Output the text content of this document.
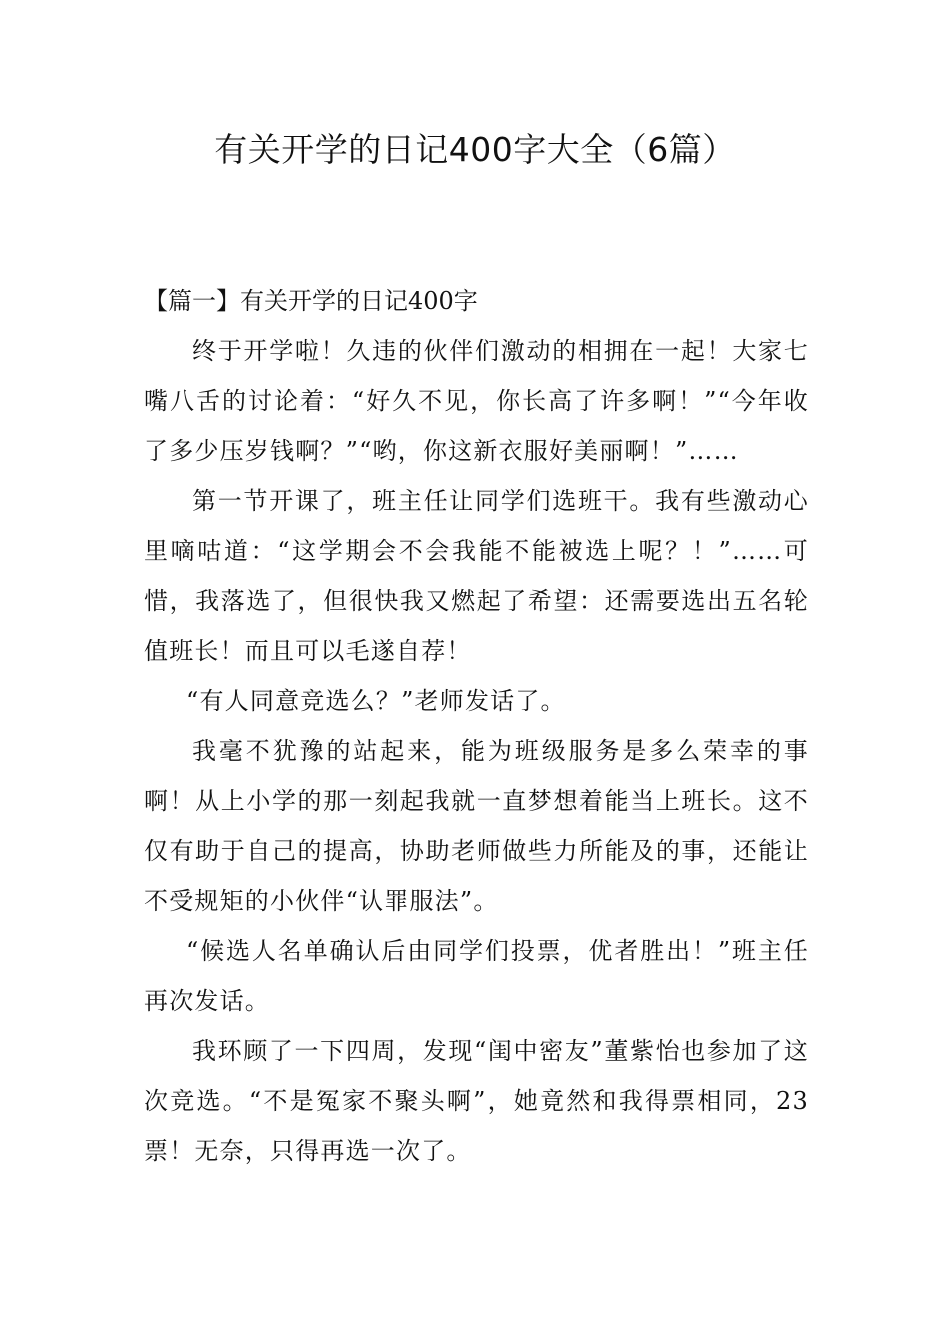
有关开学的日记400字大全（6篇）

【篇一】有关开学的日记400字

终于开学啦！久违的伙伴们激动的相拥在一起！大家七嘴八舌的讨论着：“好久不见，你长高了许多啊！”“今年收了多少压岁钱啊？”“哟，你这新衣服好美丽啊！”……

第一节开课了，班主任让同学们选班干。我有些激动心里嘀咕道：“这学期会不会我能不能被选上呢？！”……可惜，我落选了，但很快我又燃起了希望：还需要选出五名轮值班长！而且可以毛遂自荐！

“有人同意竞选么？”老师发话了。

我毫不犹豫的站起来，能为班级服务是多么荣幸的事啊！从上小学的那一刻起我就一直梦想着能当上班长。这不仅有助于自己的提高，协助老师做些力所能及的事，还能让不受规矩的小伙伴“认罪服法”。

“候选人名单确认后由同学们投票，优者胜出！”班主任再次发话。

我环顾了一下四周，发现“闺中密友”董紫怡也参加了这次竞选。“不是冤家不聚头啊”，她竟然和我得票相同，23票！无奈，只得再选一次了。
